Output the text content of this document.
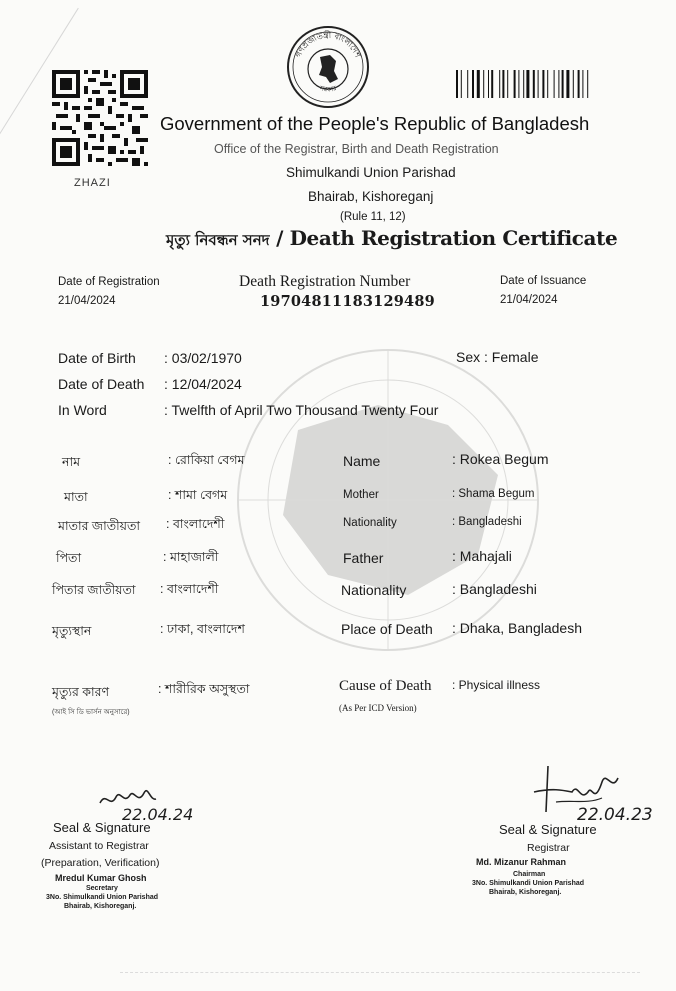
ZHAZI
গণপ্রজাতন্ত্রী বাংলাদেশ
সরকার
Government of the People's Republic of Bangladesh
Office of the Registrar, Birth and Death Registration
Shimulkandi Union Parishad
Bhairab, Kishoreganj
(Rule 11, 12)
মৃত্যু নিবন্ধন সনদ / Death Registration Certificate
Date of Registration
21/04/2024
Death Registration Number
19704811183129489
Date of Issuance
21/04/2024
Date of Birth : 03/02/1970	Sex : Female
Date of Death : 12/04/2024
In Word	: Twelfth of April Two Thousand Twenty Four
নাম	: রোকিয়া বেগম	Name	: Rokea Begum
মাতা	: শামা বেগম	Mother	: Shama Begum
মাতার জাতীয়তা : বাংলাদেশী	Nationality	: Bangladeshi
পিতা	: মাহাজালী	Father	: Mahajali
পিতার জাতীয়তা : বাংলাদেশী	Nationality	: Bangladeshi
মৃত্যুস্থান	: ঢাকা, বাংলাদেশ	Place of Death : Dhaka, Bangladesh
মৃত্যুর কারণ
(আই সি ডি ভার্সন অনুসারে)
: শারীরিক অসুস্থতা	Cause of Death : Physical illness
(As Per ICD Version)
22.04.24
Seal & Signature
Assistant to Registrar
(Preparation, Verification)
Mredul Kumar Ghosh
Secretary
3No. Shimulkandi Union Parishad
Bhairab, Kishoreganj.
22.04.23
Seal & Signature
Registrar
Md. Mizanur Rahman
Chairman
3No. Shimulkandi Union Parishad
Bhairab, Kishoreganj.
